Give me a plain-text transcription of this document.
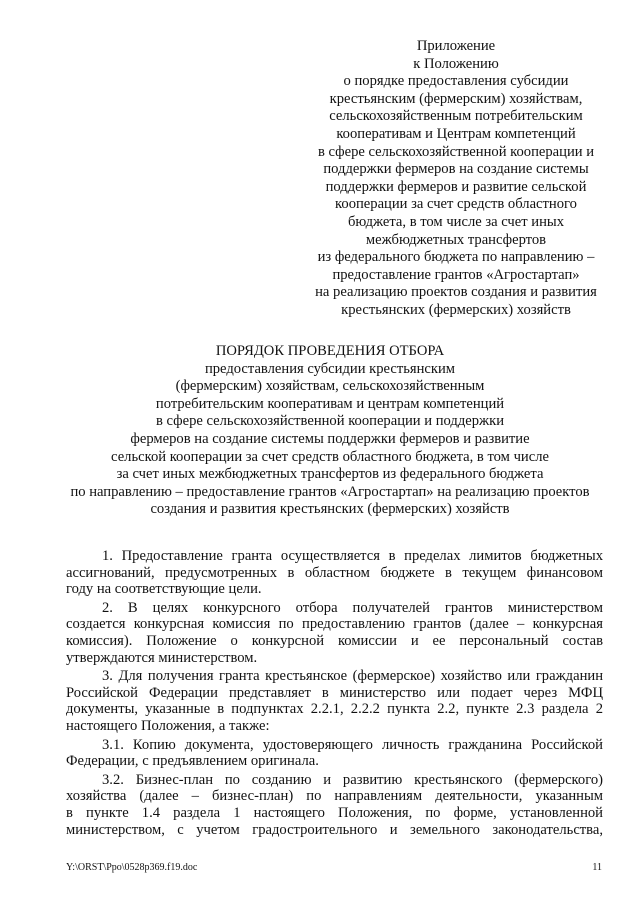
Приложение
к Положению
о порядке предоставления субсидии
крестьянским (фермерским) хозяйствам,
сельскохозяйственным потребительским
кооперативам и Центрам компетенций
в сфере сельскохозяйственной кооперации и
поддержки фермеров на создание системы
поддержки фермеров и развитие сельской
кооперации за счет средств областного
бюджета, в том числе за счет иных
межбюджетных трансфертов
из федерального бюджета по направлению –
предоставление грантов «Агростартап»
на реализацию проектов создания и развития
крестьянских (фермерских) хозяйств
ПОРЯДОК ПРОВЕДЕНИЯ ОТБОРА
предоставления субсидии крестьянским
(фермерским) хозяйствам, сельскохозяйственным
потребительским кооперативам и центрам компетенций
в сфере сельскохозяйственной кооперации и поддержки
фермеров на создание системы поддержки фермеров и развитие
сельской кооперации за счет средств областного бюджета, в том числе
за счет иных межбюджетных трансфертов из федерального бюджета
по направлению – предоставление грантов «Агростартап» на реализацию проектов
создания и развития крестьянских (фермерских) хозяйств
1. Предоставление гранта осуществляется в пределах лимитов бюджетных
ассигнований, предусмотренных в областном бюджете в текущем финансовом
году на соответствующие цели.
2. В целях конкурсного отбора получателей грантов министерством
создается конкурсная комиссия по предоставлению грантов (далее – конкурсная
комиссия). Положение о конкурсной комиссии и ее персональный состав
утверждаются министерством.
3. Для получения гранта крестьянское (фермерское) хозяйство или гражданин
Российской Федерации представляет в министерство или подает через МФЦ
документы, указанные в подпунктах 2.2.1, 2.2.2 пункта 2.2, пункте 2.3 раздела 2
настоящего Положения, а также:
3.1. Копию документа, удостоверяющего личность гражданина Российской
Федерации, с предъявлением оригинала.
3.2. Бизнес-план по созданию и развитию крестьянского (фермерского)
хозяйства (далее – бизнес-план) по направлениям деятельности, указанным
в пункте 1.4 раздела 1 настоящего Положения, по форме, установленной
министерством, с учетом градостроительного и земельного законодательства,
Y:\ORST\Ppo\0528p369.f19.doc	11
